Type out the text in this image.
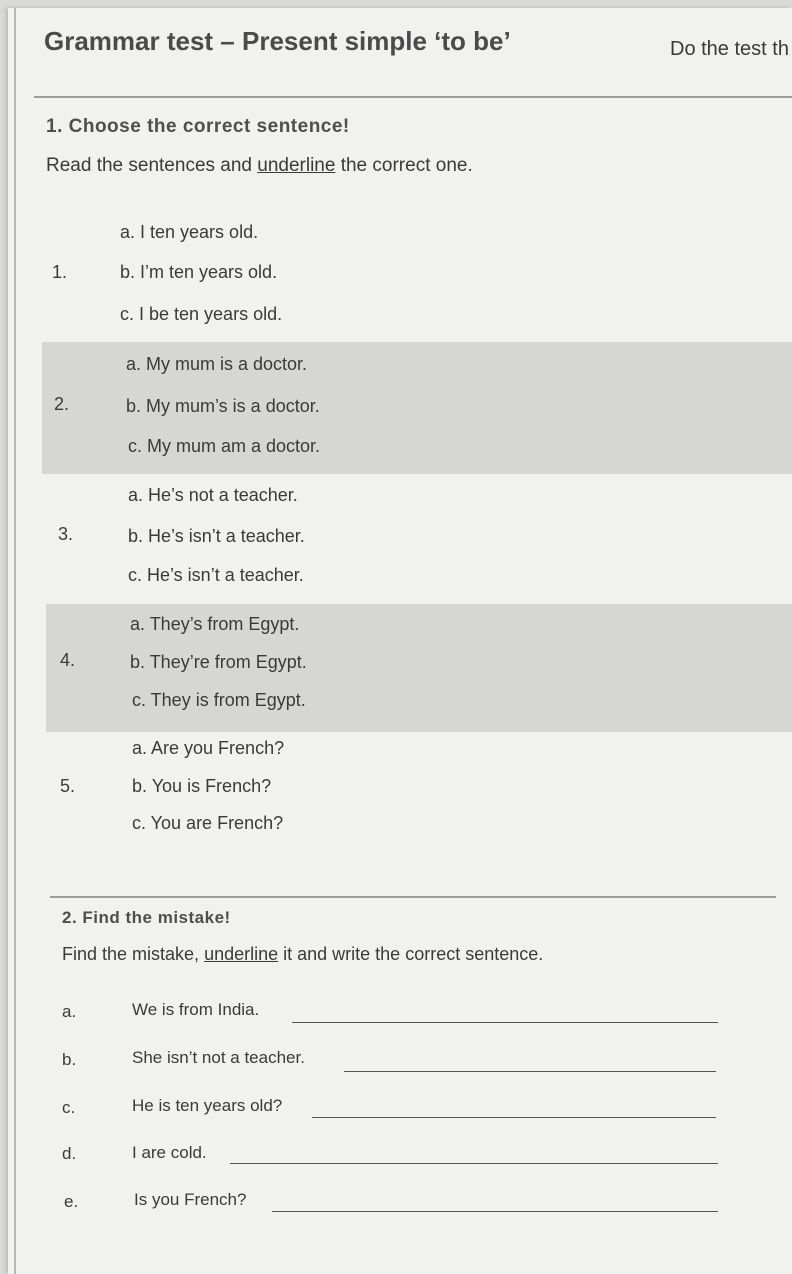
Grammar test – Present simple ‘to be’	Do the test th
1. Choose the correct sentence!
Read the sentences and underline the correct one.
a. I ten years old.
1.	b. I’m ten years old.
c. I be ten years old.
a. My mum is a doctor.
2.	b. My mum’s is a doctor.
c. My mum am a doctor.
a. He’s not a teacher.
3.	b. He’s isn’t a teacher.
c. He’s isn’t a teacher.
a. They’s from Egypt.
4.	b. They’re from Egypt.
c. They is from Egypt.
a. Are you French?
5.	b. You is French?
c. You are French?
2. Find the mistake!
Find the mistake, underline it and write the correct sentence.
a.	We is from India.
b.	She isn’t not a teacher.
c.	He is ten years old?
d.	I are cold.
e.	Is you French?
